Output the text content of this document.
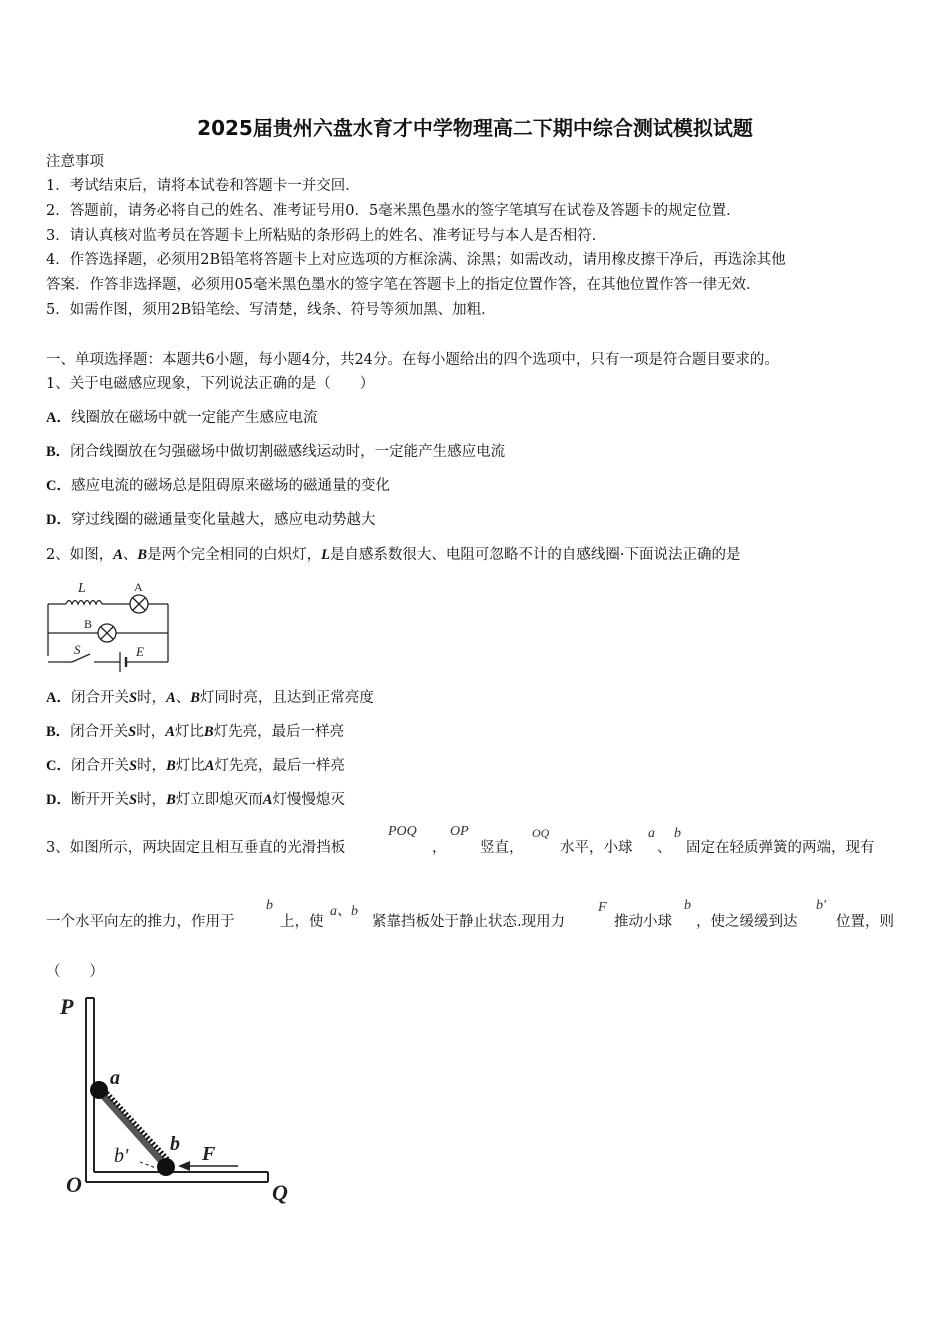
2025届贵州六盘水育才中学物理高二下期中综合测试模拟试题
注意事项
1．考试结束后，请将本试卷和答题卡一并交回．
2．答题前，请务必将自己的姓名、准考证号用0．5毫米黑色墨水的签字笔填写在试卷及答题卡的规定位置．
3．请认真核对监考员在答题卡上所粘贴的条形码上的姓名、准考证号与本人是否相符．
4．作答选择题，必须用2B铅笔将答题卡上对应选项的方框涂满、涂黑；如需改动，请用橡皮擦干净后，再选涂其他
答案．作答非选择题，必须用05毫米黑色墨水的签字笔在答题卡上的指定位置作答，在其他位置作答一律无效．
5．如需作图，须用2B铅笔绘、写清楚，线条、符号等须加黑、加粗．
一、单项选择题：本题共6小题，每小题4分，共24分。在每小题给出的四个选项中，只有一项是符合题目要求的。
1、关于电磁感应现象，下列说法正确的是（　　）
A．线圈放在磁场中就一定能产生感应电流
B．闭合线圈放在匀强磁场中做切割磁感线运动时，一定能产生感应电流
C．感应电流的磁场总是阻碍原来磁场的磁通量的变化
D．穿过线圈的磁通量变化量越大，感应电动势越大
2、如图，A、B是两个完全相同的白炽灯，L是自感系数很大、电阻可忽略不计的自感线圈·下面说法正确的是
L	A
B
S	E
A．闭合开关S时，A、B灯同时亮，且达到正常亮度
B．闭合开关S时，A灯比B灯先亮，最后一样亮
C．闭合开关S时，B灯比A灯先亮，最后一样亮
D．断开开关S时，B灯立即熄灭而A灯慢慢熄灭
3、如图所示，两块固定且相互垂直的光滑挡板
POQ
，
OP
竖直，
OQ
水平，小球
a
、
b
固定在轻质弹簧的两端，现有
一个水平向左的推力，作用于
b
上，使
a、b
紧靠挡板处于静止状态.现用力
F
推动小球
b
，使之缓缓到达
b'
位置，则
（　　）
P
a
b
b'	F
O	Q
